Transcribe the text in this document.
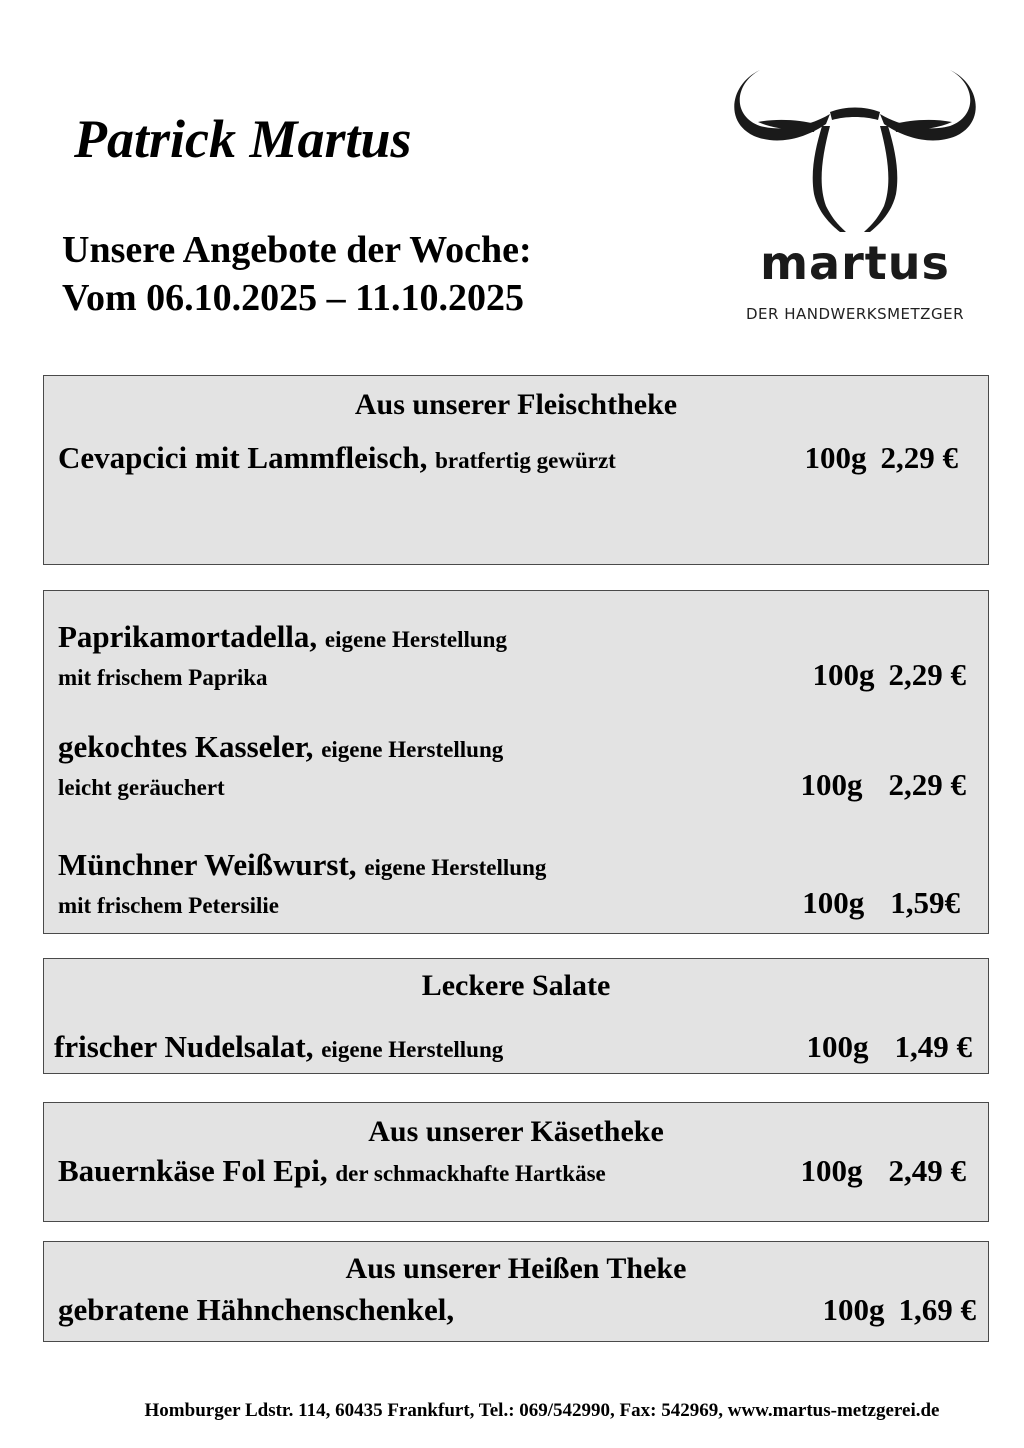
Patrick Martus
Unsere Angebote der Woche:
Vom 06.10.2025 – 11.10.2025
martus
DER HANDWERKSMETZGER
Aus unserer Fleischtheke
Cevapcici mit Lammfleisch, bratfertig gewürzt	100g 2,29 €
Paprikamortadella, eigene Herstellung
mit frischem Paprika	100g 2,29 €
gekochtes Kasseler, eigene Herstellung
leicht geräuchert	100g 2,29 €
Münchner Weißwurst, eigene Herstellung
mit frischem Petersilie	100g 1,59€
Leckere Salate
frischer Nudelsalat, eigene Herstellung	100g 1,49 €
Aus unserer Käsetheke
Bauernkäse Fol Epi, der schmackhafte Hartkäse	100g 2,49 €
Aus unserer Heißen Theke
gebratene Hähnchenschenkel,	100g 1,69 €
Homburger Ldstr. 114, 60435 Frankfurt, Tel.: 069/542990, Fax: 542969, www.martus-metzgerei.de
